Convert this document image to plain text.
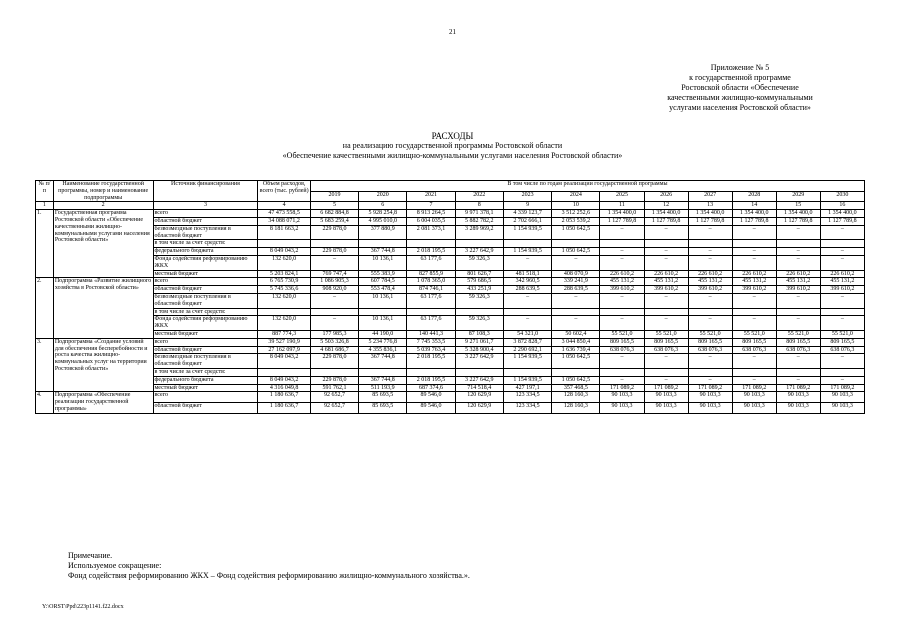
21
Приложение № 5
к государственной программе
Ростовской области «Обеспечение
качественными жилищно-коммунальными
услугами населения Ростовской области»
РАСХОДЫ
на реализацию государственной программы Ростовской области
«Обеспечение качественными жилищно-коммунальными услугами населения Ростовской области»
№ п/п	Наименование государственной программы, номер и наименование подпрограммы	Источник финансирования	Объем расходов, всего (тыс. рублей)	В том числе по годам реализации государственной программы											
				2019	2020	2021	2022	2023	2024	2025	2026	2027	2028	2029	2030
1	2	3	4	5	6	7	8	9	10	11	12	13	14	15	16
1.	Государственная программа Ростовской области «Обеспечение качественными жилищно-коммунальными услугами населения Ростовской области»	всего	47 473 558,5	6 682 884,8	5 928 254,8	8 913 264,5	9 971 378,1	4 339 123,7	3 512 252,6	1 354 400,0	1 354 400,0	1 354 400,0	1 354 400,0	1 354 400,0	1 354 400,0
		областной бюджет	34 088 071,2	5 683 259,4	4 995 010,0	6 004 035,5	5 882 782,2	2 702 666,1	2 053 539,2	1 127 789,8	1 127 789,8	1 127 789,8	1 127 789,8	1 127 789,8	1 127 789,8
		безвозмездные поступления в областной бюджет	8 181 663,2	229 878,0	377 880,9	2 081 373,1	3 289 969,2	1 154 939,5	1 050 642,5	–	–	–	–	–	–
		в том числе за счет средств:													
		федерального бюджета	8 049 043,2	229 878,0	367 744,8	2 018 195,5	3 227 642,9	1 154 939,5	1 050 642,5	–	–	–	–	–	–
		Фонда содействия реформированию ЖКХ	132 620,0	–	10 136,1	63 177,6	59 326,3	–	–	–	–	–	–	–	–
		местный бюджет	5 203 824,1	769 747,4	555 383,9	827 855,9	801 626,7	481 518,1	408 070,9	226 610,2	226 610,2	226 610,2	226 610,2	226 610,2	226 610,2
2.	Подпрограмма «Развитие жилищного хозяйства в Ростовской области»	всего	6 765 730,9	1 086 905,3	607 784,5	1 078 365,0	579 686,5	342 960,5	339 241,9	455 131,2	455 131,2	455 131,2	455 131,2	455 131,2	455 131,2
		областной бюджет	5 745 336,6	908 920,0	553 478,4	874 746,1	433 251,9	288 639,5	288 639,5	399 610,2	399 610,2	399 610,2	399 610,2	399 610,2	399 610,2
		безвозмездные поступления в областной бюджет	132 620,0	–	10 136,1	63 177,6	59 326,3	–	–	–	–	–	–	–	–
		в том числе за счет средств:													
		Фонда содействия реформированию ЖКХ	132 620,0	–	10 136,1	63 177,6	59 326,3	–	–	–	–	–	–	–	–
		местный бюджет	887 774,3	177 985,3	44 190,0	140 441,3	87 108,3	54 321,0	50 602,4	55 521,0	55 521,0	55 521,0	55 521,0	55 521,0	55 521,0
3.	Подпрограмма «Создание условий для обеспечения бесперебойности и роста качества жилищно-коммунальных услуг на территории Ростовской области»	всего	39 527 190,9	5 503 326,8	5 234 776,8	7 745 353,5	9 271 061,7	3 872 828,7	3 044 850,4	809 165,5	809 165,5	809 165,5	809 165,5	809 165,5	809 165,5
		областной бюджет	27 162 097,9	4 681 686,7	4 355 836,1	5 039 763,4	5 328 900,4	2 290 692,1	1 636 739,4	638 076,3	638 076,3	638 076,3	638 076,3	638 076,3	638 076,3
		безвозмездные поступления в областной бюджет	8 049 043,2	229 878,0	367 744,8	2 018 195,5	3 227 642,9	1 154 939,5	1 050 642,5	–	–	–	–	–	–
		в том числе за счет средств:													
		федерального бюджета	8 049 043,2	229 878,0	367 744,8	2 018 195,5	3 227 642,9	1 154 939,5	1 050 642,5	–	–	–	–	–	–
		местный бюджет	4 316 049,8	591 762,1	511 193,9	687 374,6	714 518,4	427 197,1	357 468,5	171 089,2	171 089,2	171 089,2	171 089,2	171 089,2	171 089,2
4.	Подпрограмма «Обеспечение реализации государственной программы»	всего	1 180 636,7	92 652,7	85 693,5	89 546,0	120 629,9	123 334,5	128 160,3	90 103,3	90 103,3	90 103,3	90 103,3	90 103,3	90 103,3
		областной бюджет	1 180 636,7	92 652,7	85 693,5	89 546,0	120 629,9	123 334,5	128 160,3	90 103,3	90 103,3	90 103,3	90 103,3	90 103,3	90 103,3
Примечание.
Используемое сокращение:
Фонд содействия реформированию ЖКХ – Фонд содействия реформированию жилищно-коммунального хозяйства.».
Y:\ORST\Ppd\223p1141.f22.docx
